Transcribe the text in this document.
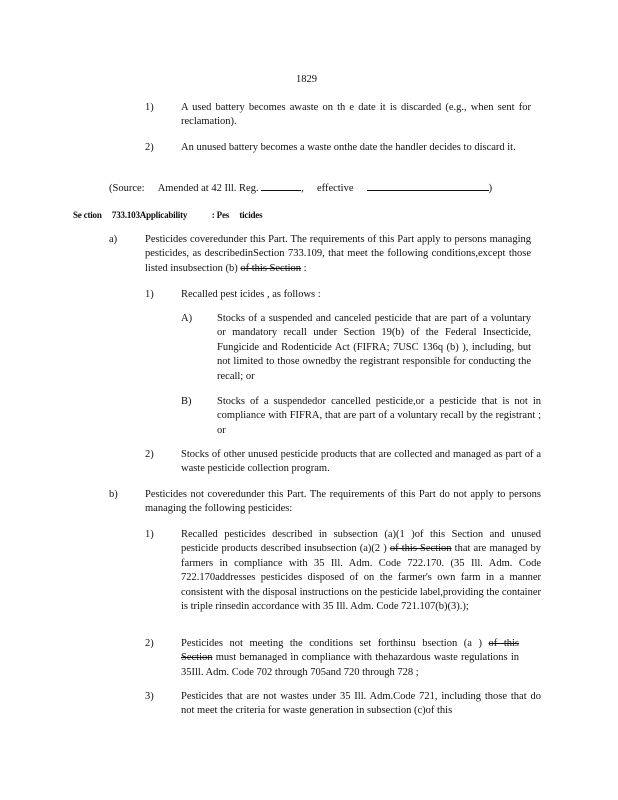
1829
1)	A used battery becomes awaste on th e date it is discarded (e.g., when sent for reclamation).
2)	An unused battery becomes a waste onthe date the handler decides to discard it.
(Source: Amended at 42 Ill. Reg.	, effective	)
Se ction 733.103Applicability	: Pes ticides
a)	Pesticides coveredunder this Part. The requirements of this Part apply to persons managing pesticides, as describedinSection 733.109, that meet the following conditions,except those listed insubsection (b) of this Section :
1)	Recalled pest icides , as follows :
A) Stocks of a suspended and canceled pesticide that are part of a voluntary or mandatory recall under Section 19(b) of the Federal Insecticide, Fungicide and Rodenticide Act (FIFRA; 7USC 136q (b) ), including, but not limited to those ownedby the registrant responsible for conducting the recall; or
B) Stocks of a suspendedor cancelled pesticide,or a pesticide that is not in compliance with FIFRA, that are part of a voluntary recall by the registrant ; or
2)	Stocks of other unused pesticide products that are collected and managed as part of a waste pesticide collection program.
b)	Pesticides not coveredunder this Part. The requirements of this Part do not apply to persons managing the following pesticides:
1)	Recalled pesticides described in subsection (a)(1 )of this Section and unused pesticide products described insubsection (a)(2 ) of this Section that are managed by farmers in compliance with 35 Ill. Adm. Code 722.170. (35 Ill. Adm. Code 722.170addresses pesticides disposed of on the farmer's own farm in a manner consistent with the disposal instructions on the pesticide label,providing the container is triple rinsedin accordance with 35 Ill. Adm. Code 721.107(b)(3).);
2)	Pesticides not meeting the conditions set forthinsu bsection (a ) of this Section must bemanaged in compliance with thehazardous waste regulations in 35Ill. Adm. Code 702 through 705and 720 through 728 ;
3)	Pesticides that are not wastes under 35 Ill. Adm.Code 721, including those that do not meet the criteria for waste generation in subsection (c)of this
